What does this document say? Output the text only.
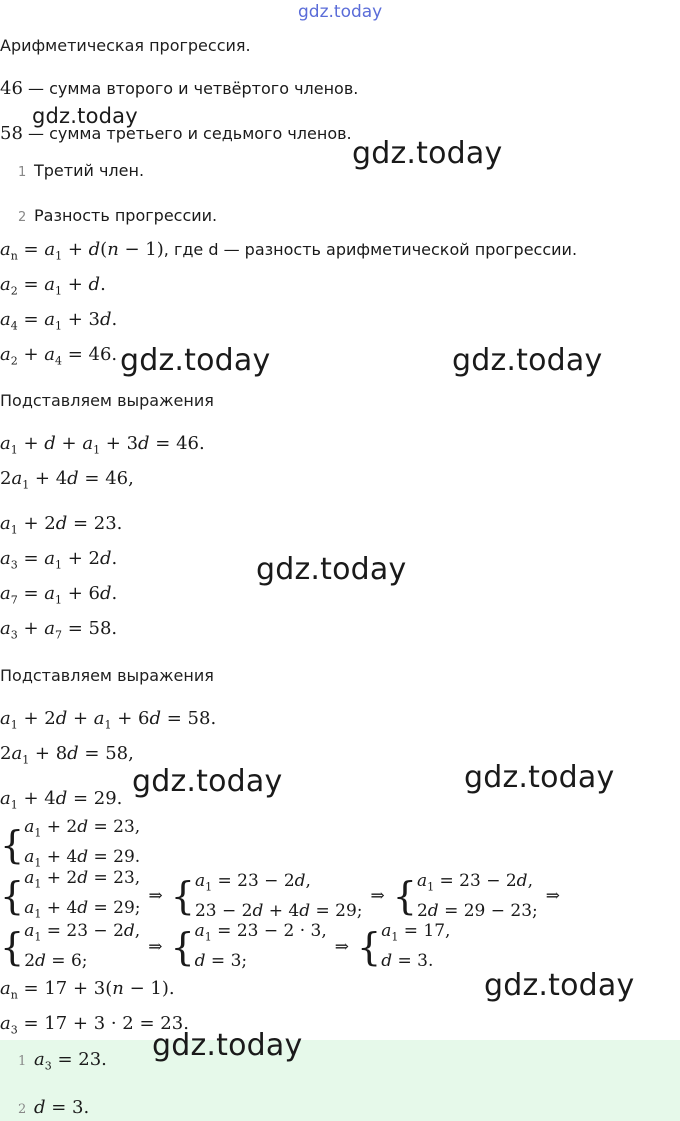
gdz.today
Арифметическая прогрессия.
46 — сумма второго и четвёртого членов.
58 — сумма третьего и седьмого членов.
1 Третий член.
2 Разность прогрессии.
$a_n = a_1 + d(n - 1)$, где d — разность арифметической прогрессии.
$a_2 = a_1 + d$.
$a_4 = a_1 + 3d$.
$a_2 + a_4 = 46$.
Подставляем выражения
$a_1 + d + a_1 + 3d = 46$.
$2a_1 + 4d = 46$,
$a_1 + 2d = 23$.
$a_3 = a_1 + 2d$.
$a_7 = a_1 + 6d$.
$a_3 + a_7 = 58$.
Подставляем выражения
$a_1 + 2d + a_1 + 6d = 58$.
$2a_1 + 8d = 58$,
$a_1 + 4d = 29$.
{$a_1 + 2d = 23$,
$a_1 + 4d = 29$.
{$a_1 + 2d = 23$,
$a_1 + 4d$ = 29;⇒ {$a_1 = 23 - 2d$,
23 − 2d + 4d = 29;⇒ {$a_1 = 23 - 2d$,
2d = 29 − 23;⇒
{$a_1 = 23 - 2d$,
2d = 6;⇒ {$a_1 = 23 - 2 \cdot 3$,
d = 3;⇒ {$a_1 = 17$,
d = 3.
$a_n = 17 + 3(n - 1)$.
$a_3 = 17 + 3 \cdot 2 = 23$.
1 $a_3 = 23$.
2 d = 3.
gdz.today
gdz.today
gdz.today	gdz.today
gdz.today
gdz.today	gdz.today
gdz.today
gdz.today
